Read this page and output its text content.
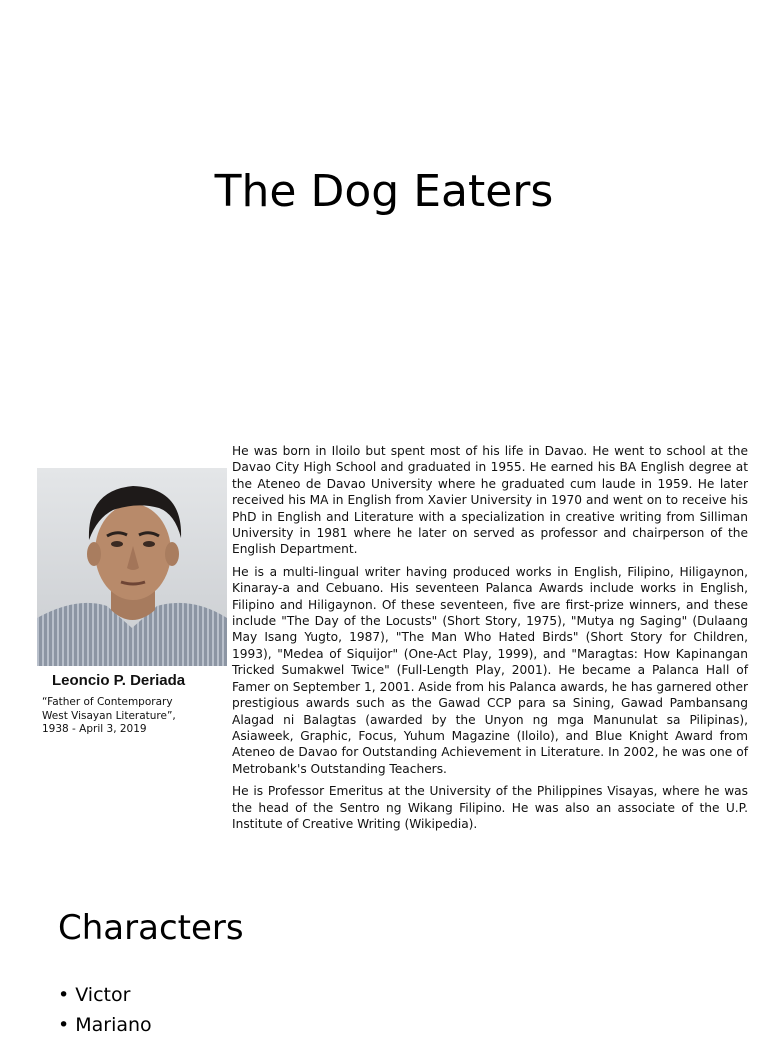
The Dog Eaters

Leoncio P. Deriada

“Father of Contemporary
West Visayan Literature”,
1938 - April 3, 2019

He was born in Iloilo but spent most of his life in Davao. He went to school at the Davao City High School and graduated in 1955. He earned his BA English degree at the Ateneo de Davao University where he graduated cum laude in 1959. He later received his MA in English from Xavier University in 1970 and went on to receive his PhD in English and Literature with a specialization in creative writing from Silliman University in 1981 where he later on served as professor and chairperson of the English Department.

He is a multi-lingual writer having produced works in English, Filipino, Hiligaynon, Kinaray-a and Cebuano. His seventeen Palanca Awards include works in English, Filipino and Hiligaynon. Of these seventeen, five are first-prize winners, and these include "The Day of the Locusts" (Short Story, 1975), "Mutya ng Saging" (Dulaang May Isang Yugto, 1987), "The Man Who Hated Birds" (Short Story for Children, 1993), "Medea of Siquijor" (One-Act Play, 1999), and "Maragtas: How Kapinangan Tricked Sumakwel Twice" (Full-Length Play, 2001). He became a Palanca Hall of Famer on September 1, 2001. Aside from his Palanca awards, he has garnered other prestigious awards such as the Gawad CCP para sa Sining, Gawad Pambansang Alagad ni Balagtas (awarded by the Unyon ng mga Manunulat sa Pilipinas), Asiaweek, Graphic, Focus, Yuhum Magazine (Iloilo), and Blue Knight Award from Ateneo de Davao for Outstanding Achievement in Literature. In 2002, he was one of Metrobank's Outstanding Teachers.

He is Professor Emeritus at the University of the Philippines Visayas, where he was the head of the Sentro ng Wikang Filipino. He was also an associate of the U.P. Institute of Creative Writing (Wikipedia).

Characters
• Victor
• Mariano
